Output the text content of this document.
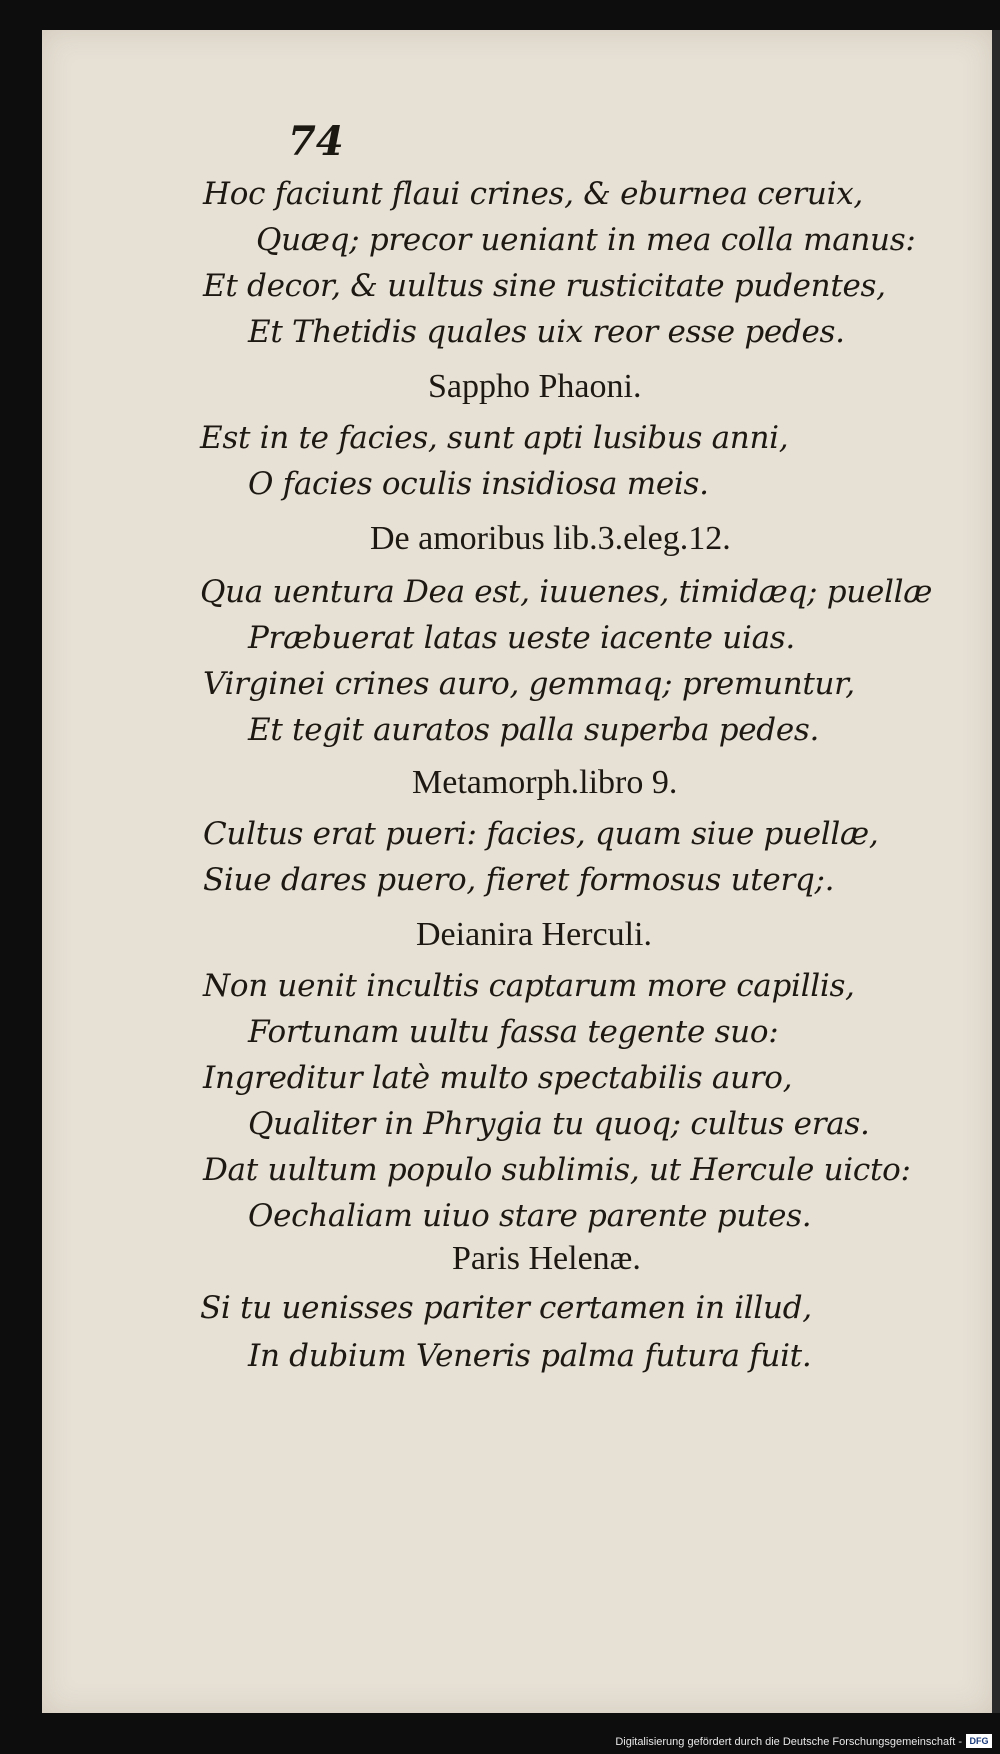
74
Hoc faciunt flaui crines, & eburnea ceruix,
Quæq; precor ueniant in mea colla manus:
Et decor, & uultus sine rusticitate pudentes,
Et Thetidis quales uix reor esse pedes.
Sappho Phaoni.
Est in te facies, sunt apti lusibus anni,
O facies oculis insidiosa meis.
De amoribus lib.3.eleg.12.
Qua uentura Dea est, iuuenes, timidæq; puellæ
Præbuerat latas ueste iacente uias.
Virginei crines auro, gemmaq; premuntur,
Et tegit auratos palla superba pedes.
Metamorph.libro 9.
Cultus erat pueri: facies, quam siue puellæ,
Siue dares puero, fieret formosus uterq;.
Deianira Herculi.
Non uenit incultis captarum more capillis,
Fortunam uultu fassa tegente suo:
Ingreditur latè multo spectabilis auro,
Qualiter in Phrygia tu quoq; cultus eras.
Dat uultum populo sublimis, ut Hercule uicto:
Oechaliam uiuo stare parente putes.
Paris Helenæ.
Si tu uenisses pariter certamen in illud,
In dubium Veneris palma futura fuit.
Digitalisierung gefördert durch die Deutsche Forschungsgemeinschaft - DFG
